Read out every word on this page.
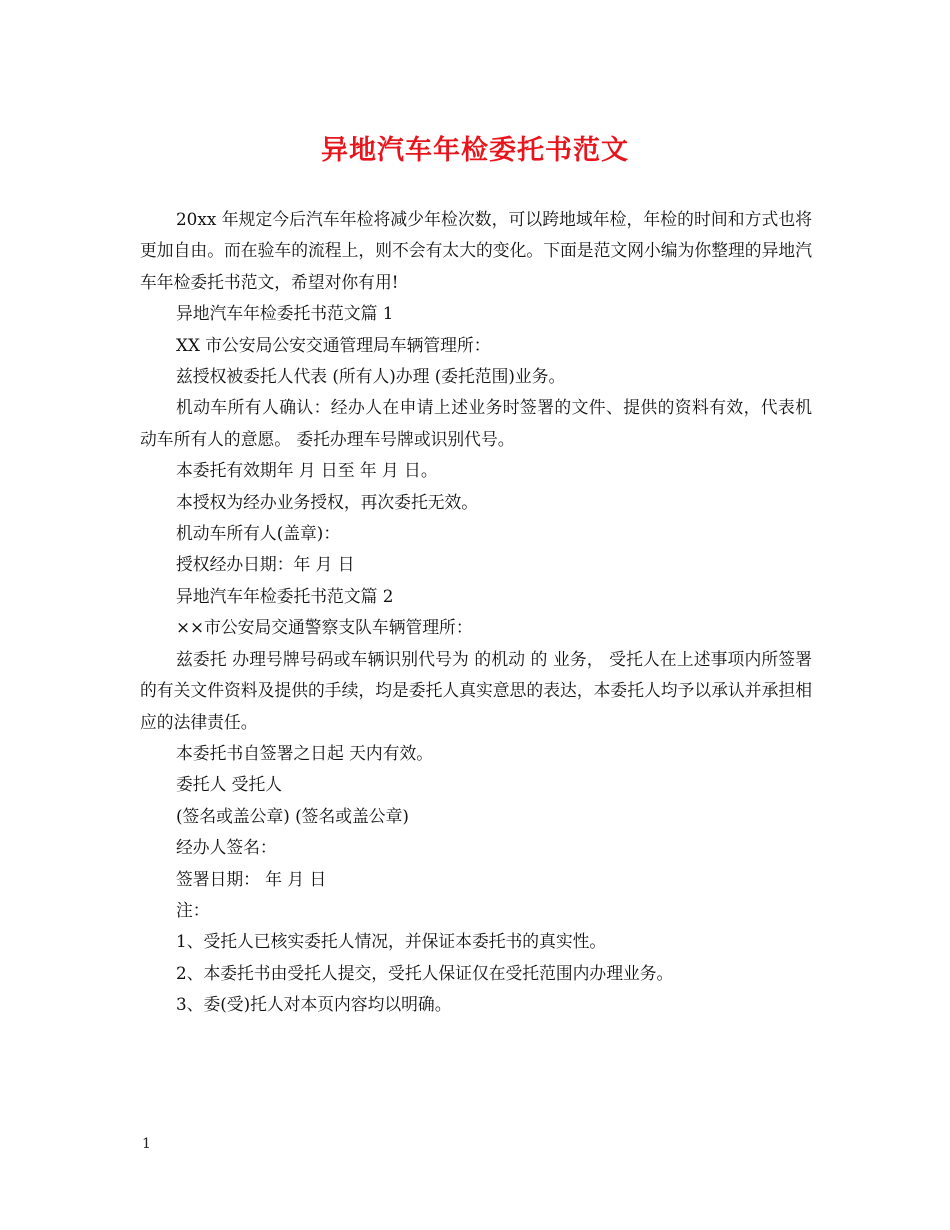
异地汽车年检委托书范文

20xx 年规定今后汽车年检将减少年检次数，可以跨地域年检，年检的时间和方式也将更加自由。而在验车的流程上，则不会有太大的变化。下面是范文网小编为你整理的异地汽车年检委托书范文，希望对你有用!

异地汽车年检委托书范文篇 1

XX 市公安局公安交通管理局车辆管理所：

兹授权被委托人代表 (所有人)办理 (委托范围)业务。

机动车所有人确认：经办人在申请上述业务时签署的文件、提供的资料有效，代表机动车所有人的意愿。 委托办理车号牌或识别代号。

本委托有效期年 月 日至 年 月 日。

本授权为经办业务授权，再次委托无效。

机动车所有人(盖章)：

授权经办日期：年 月 日

异地汽车年检委托书范文篇 2

××市公安局交通警察支队车辆管理所：

兹委托 办理号牌号码或车辆识别代号为 的机动 的 业务， 受托人在上述事项内所签署的有关文件资料及提供的手续，均是委托人真实意思的表达，本委托人均予以承认并承担相应的法律责任。

本委托书自签署之日起 天内有效。

委托人 受托人

(签名或盖公章) (签名或盖公章)

经办人签名：

签署日期： 年 月 日

注：

1、受托人已核实委托人情况，并保证本委托书的真实性。

2、本委托书由受托人提交，受托人保证仅在受托范围内办理业务。

3、委(受)托人对本页内容均以明确。

1
